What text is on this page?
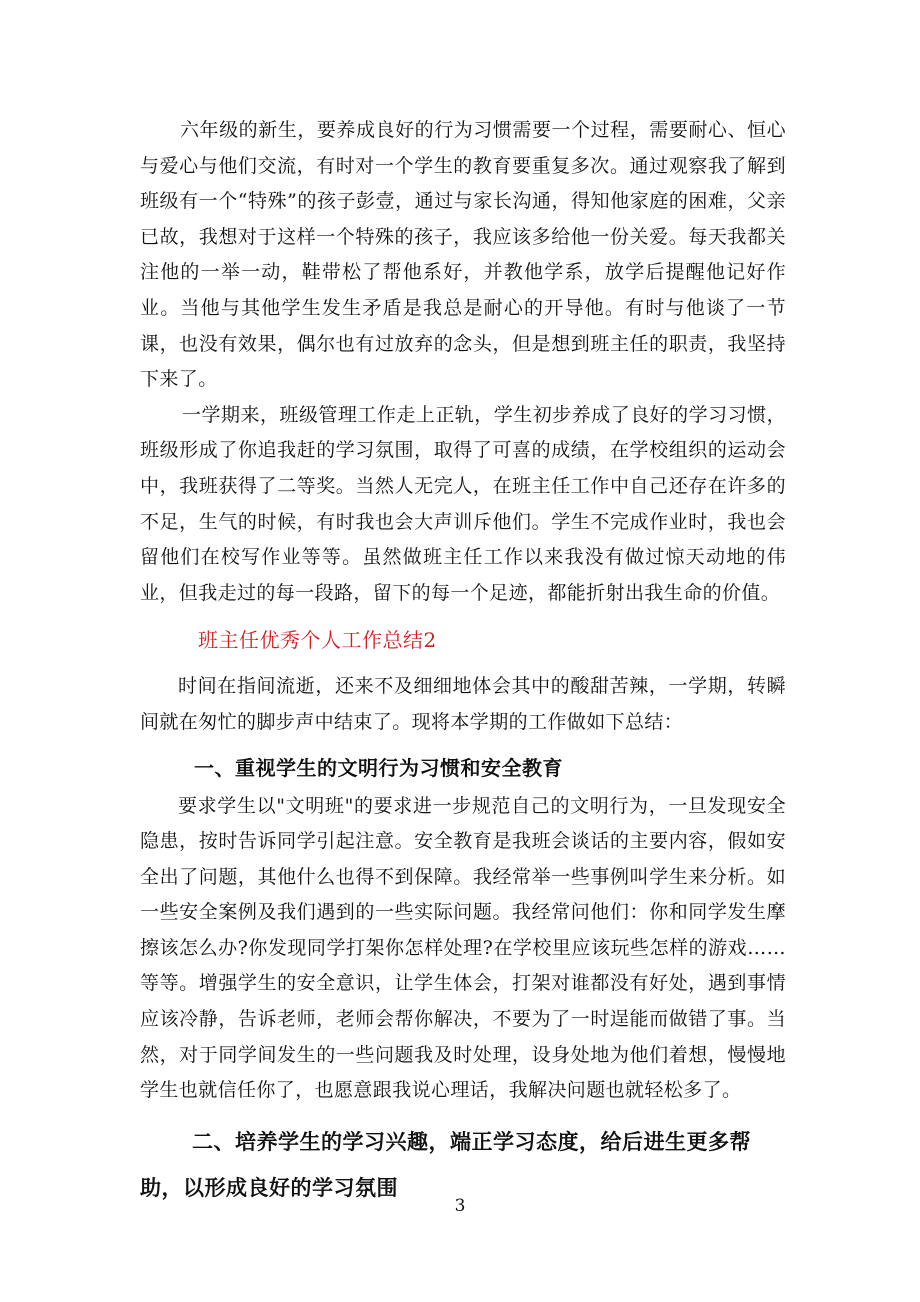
六年级的新生，要养成良好的行为习惯需要一个过程，需要耐心、恒心与爱心与他们交流，有时对一个学生的教育要重复多次。通过观察我了解到班级有一个“特殊”的孩子彭壹，通过与家长沟通，得知他家庭的困难，父亲已故，我想对于这样一个特殊的孩子，我应该多给他一份关爱。每天我都关注他的一举一动，鞋带松了帮他系好，并教他学系，放学后提醒他记好作业。当他与其他学生发生矛盾是我总是耐心的开导他。有时与他谈了一节课，也没有效果，偶尔也有过放弃的念头，但是想到班主任的职责，我坚持下来了。

一学期来，班级管理工作走上正轨，学生初步养成了良好的学习习惯，班级形成了你追我赶的学习氛围，取得了可喜的成绩，在学校组织的运动会中，我班获得了二等奖。当然人无完人，在班主任工作中自己还存在许多的不足，生气的时候，有时我也会大声训斥他们。学生不完成作业时，我也会留他们在校写作业等等。虽然做班主任工作以来我没有做过惊天动地的伟业，但我走过的每一段路，留下的每一个足迹，都能折射出我生命的价值。

班主任优秀个人工作总结2

时间在指间流逝，还来不及细细地体会其中的酸甜苦辣，一学期，转瞬间就在匆忙的脚步声中结束了。现将本学期的工作做如下总结：

一、重视学生的文明行为习惯和安全教育

要求学生以"文明班"的要求进一步规范自己的文明行为，一旦发现安全隐患，按时告诉同学引起注意。安全教育是我班会谈话的主要内容，假如安全出了问题，其他什么也得不到保障。我经常举一些事例叫学生来分析。如一些安全案例及我们遇到的一些实际问题。我经常问他们：你和同学发生摩擦该怎么办?你发现同学打架你怎样处理?在学校里应该玩些怎样的游戏……等等。增强学生的安全意识，让学生体会，打架对谁都没有好处，遇到事情应该冷静，告诉老师，老师会帮你解决，不要为了一时逞能而做错了事。当然，对于同学间发生的一些问题我及时处理，设身处地为他们着想，慢慢地学生也就信任你了，也愿意跟我说心理话，我解决问题也就轻松多了。

二、培养学生的学习兴趣，端正学习态度，给后进生更多帮助，以形成良好的学习氛围

3
